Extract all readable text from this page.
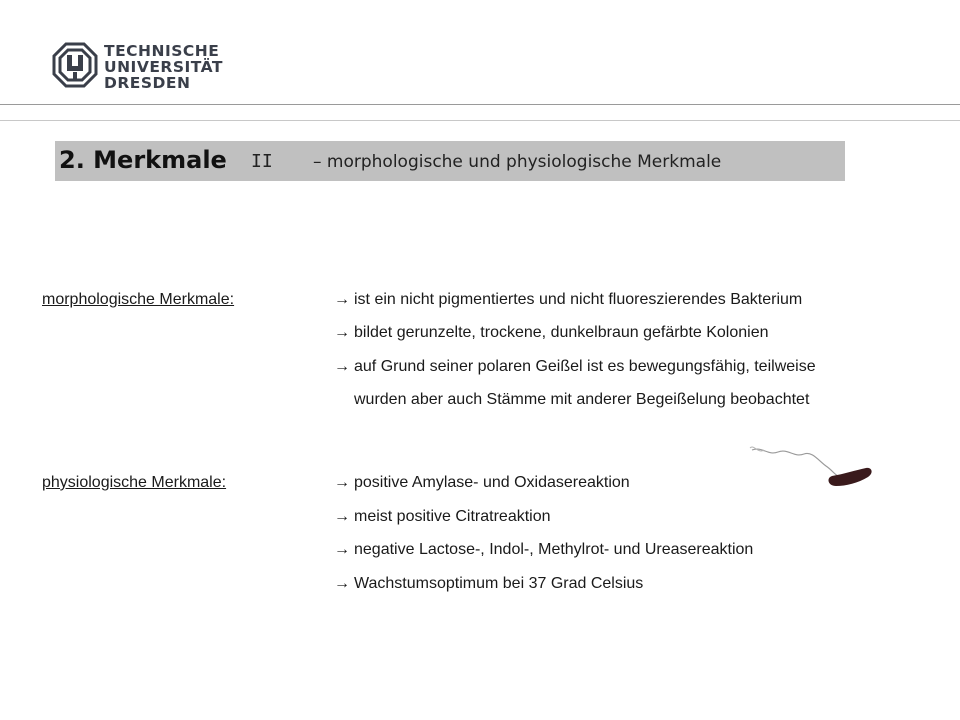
TECHNISCHE
UNIVERSITÄT
DRESDEN
2. Merkmale II – morphologische und physiologische Merkmale
morphologische Merkmale:	→ ist ein nicht pigmentiertes und nicht fluoreszierendes Bakterium
→ bildet gerunzelte, trockene, dunkelbraun gefärbte Kolonien
→ auf Grund seiner polaren Geißel ist es bewegungsfähig, teilweise
wurden aber auch Stämme mit anderer Begeißelung beobachtet
physiologische Merkmale:	→ positive Amylase- und Oxidasereaktion
→ meist positive Citratreaktion
→ negative Lactose-, Indol-, Methylrot- und Ureasereaktion
→ Wachstumsoptimum bei 37 Grad Celsius
